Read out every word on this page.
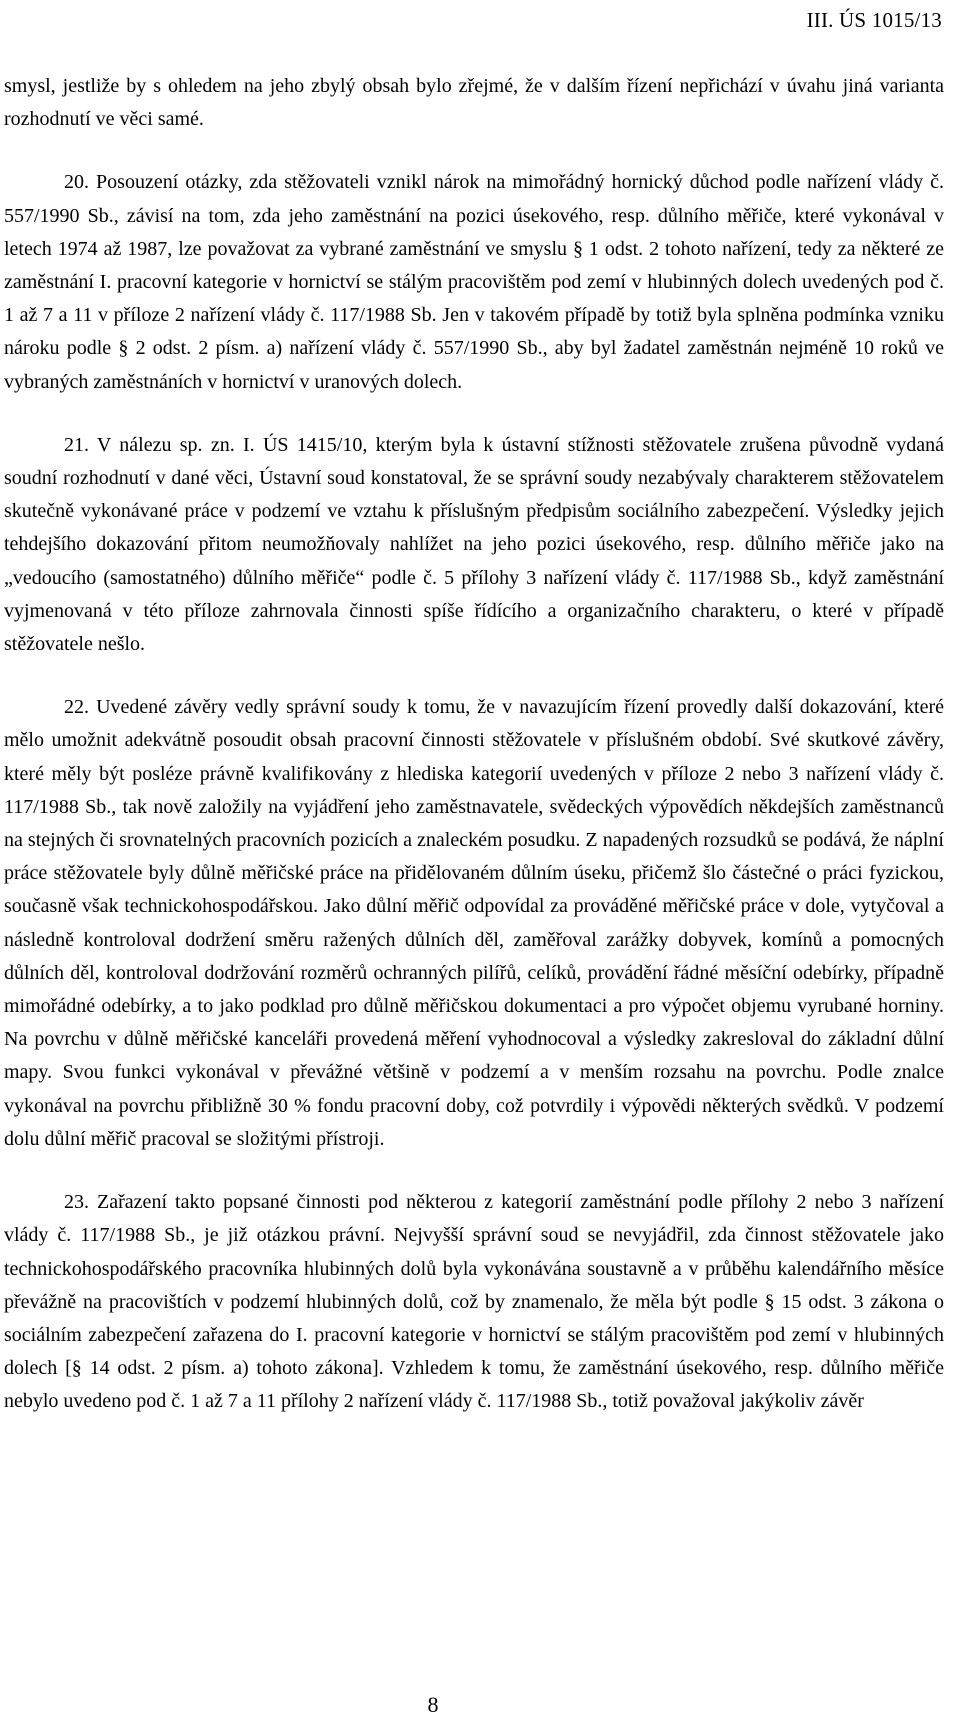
III. ÚS 1015/13

smysl, jestliže by s ohledem na jeho zbylý obsah bylo zřejmé, že v dalším řízení nepřichází v úvahu jiná varianta rozhodnutí ve věci samé.

20. Posouzení otázky, zda stěžovateli vznikl nárok na mimořádný hornický důchod podle nařízení vlády č. 557/1990 Sb., závisí na tom, zda jeho zaměstnání na pozici úsekového, resp. důlního měřiče, které vykonával v letech 1974 až 1987, lze považovat za vybrané zaměstnání ve smyslu § 1 odst. 2 tohoto nařízení, tedy za některé ze zaměstnání I. pracovní kategorie v hornictví se stálým pracovištěm pod zemí v hlubinných dolech uvedených pod č. 1 až 7 a 11 v příloze 2 nařízení vlády č. 117/1988 Sb. Jen v takovém případě by totiž byla splněna podmínka vzniku nároku podle § 2 odst. 2 písm. a) nařízení vlády č. 557/1990 Sb., aby byl žadatel zaměstnán nejméně 10 roků ve vybraných zaměstnáních v hornictví v uranových dolech.

21. V nálezu sp. zn. I. ÚS 1415/10, kterým byla k ústavní stížnosti stěžovatele zrušena původně vydaná soudní rozhodnutí v dané věci, Ústavní soud konstatoval, že se správní soudy nezabývaly charakterem stěžovatelem skutečně vykonávané práce v podzemí ve vztahu k příslušným předpisům sociálního zabezpečení. Výsledky jejich tehdejšího dokazování přitom neumožňovaly nahlížet na jeho pozici úsekového, resp. důlního měřiče jako na „vedoucího (samostatného) důlního měřiče“ podle č. 5 přílohy 3 nařízení vlády č. 117/1988 Sb., když zaměstnání vyjmenovaná v této příloze zahrnovala činnosti spíše řídícího a organizačního charakteru, o které v případě stěžovatele nešlo.

22. Uvedené závěry vedly správní soudy k tomu, že v navazujícím řízení provedly další dokazování, které mělo umožnit adekvátně posoudit obsah pracovní činnosti stěžovatele v příslušném období. Své skutkové závěry, které měly být posléze právně kvalifikovány z hlediska kategorií uvedených v příloze 2 nebo 3 nařízení vlády č. 117/1988 Sb., tak nově založily na vyjádření jeho zaměstnavatele, svědeckých výpovědích někdejších zaměstnanců na stejných či srovnatelných pracovních pozicích a znaleckém posudku. Z napadených rozsudků se podává, že náplní práce stěžovatele byly důlně měřičské práce na přidělovaném důlním úseku, přičemž šlo částečné o práci fyzickou, současně však technickohospodářskou. Jako důlní měřič odpovídal za prováděné měřičské práce v dole, vytyčoval a následně kontroloval dodržení směru ražených důlních děl, zaměřoval zarážky dobyvek, komínů a pomocných důlních děl, kontroloval dodržování rozměrů ochranných pilířů, celíků, provádění řádné měsíční odebírky, případně mimořádné odebírky, a to jako podklad pro důlně měřičskou dokumentaci a pro výpočet objemu vyrubané horniny. Na povrchu v důlně měřičské kanceláři provedená měření vyhodnocoval a výsledky zakresloval do základní důlní mapy. Svou funkci vykonával v převážné většině v podzemí a v menším rozsahu na povrchu. Podle znalce vykonával na povrchu přibližně 30 % fondu pracovní doby, což potvrdily i výpovědi některých svědků. V podzemí dolu důlní měřič pracoval se složitými přístroji.

23. Zařazení takto popsané činnosti pod některou z kategorií zaměstnání podle přílohy 2 nebo 3 nařízení vlády č. 117/1988 Sb., je již otázkou právní. Nejvyšší správní soud se nevyjádřil, zda činnost stěžovatele jako technickohospodářského pracovníka hlubinných dolů byla vykonávána soustavně a v průběhu kalendářního měsíce převážně na pracovištích v podzemí hlubinných dolů, což by znamenalo, že měla být podle § 15 odst. 3 zákona o sociálním zabezpečení zařazena do I. pracovní kategorie v hornictví se stálým pracovištěm pod zemí v hlubinných dolech [§ 14 odst. 2 písm. a) tohoto zákona]. Vzhledem k tomu, že zaměstnání úsekového, resp. důlního měřiče nebylo uvedeno pod č. 1 až 7 a 11 přílohy 2 nařízení vlády č. 117/1988 Sb., totiž považoval jakýkoliv závěr

8
